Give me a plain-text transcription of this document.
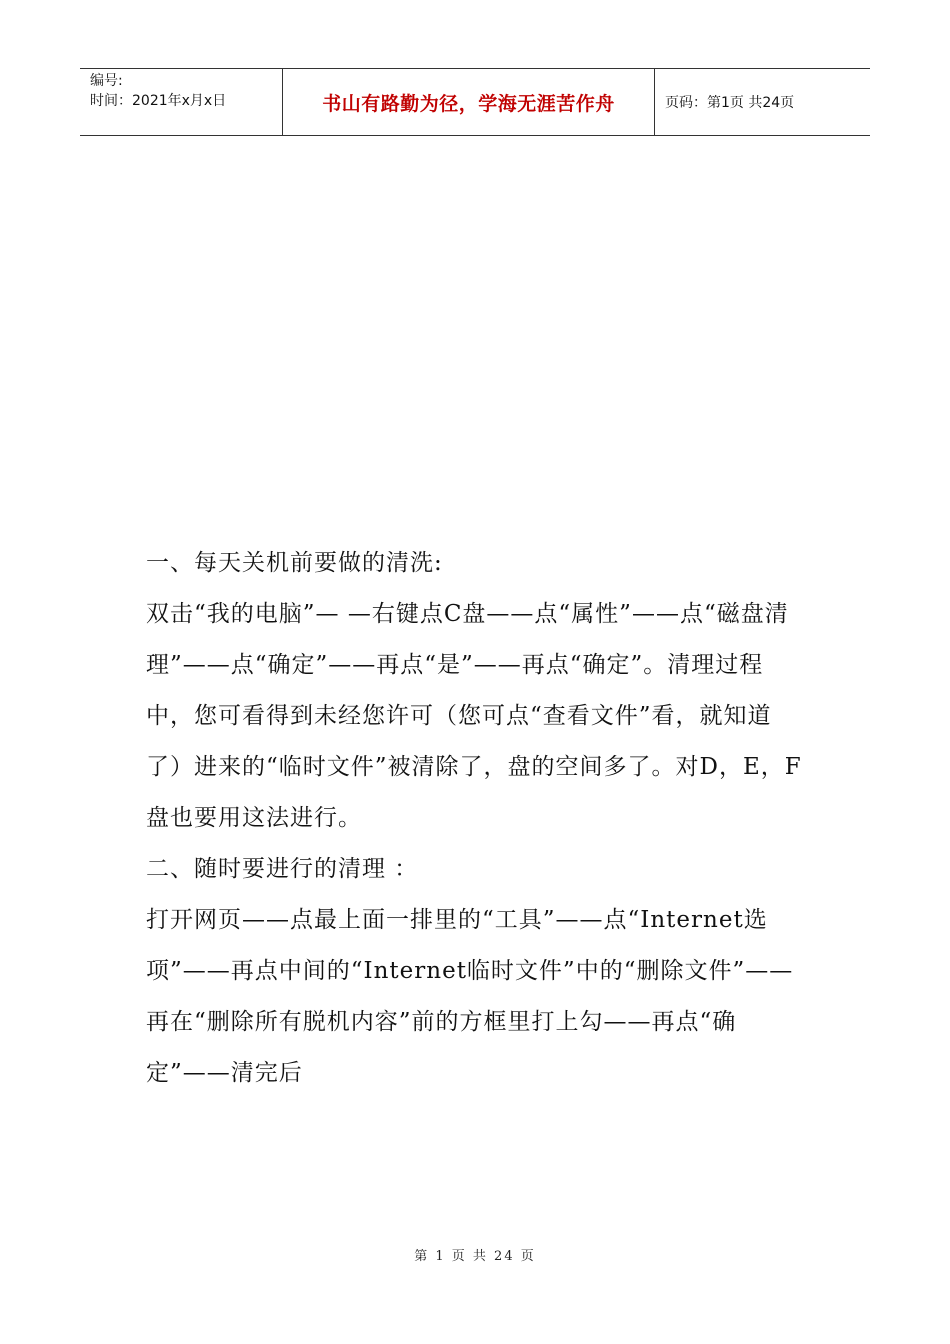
编号:
时间：2021年x月x日	书山有路勤为径，学海无涯苦作舟	页码：第1页 共24页

一、每天关机前要做的清洗:

双击“我的电脑”— —右键点C盘——点“属性”——点“磁盘清理”——点“确定”——再点“是”——再点“确定”。清理过程中，您可看得到未经您许可（您可点“查看文件”看，就知道了）进来的“临时文件”被清除了，盘的空间多了。对D，E，F盘也要用这法进行。

二、随时要进行的清理 ：

打开网页——点最上面一排里的“工具”——点“Internet选项”——再点中间的“Internet临时文件”中的“删除文件”——再在“删除所有脱机内容”前的方框里打上勾——再点“确定”——清完后

第 1 页 共 24 页
